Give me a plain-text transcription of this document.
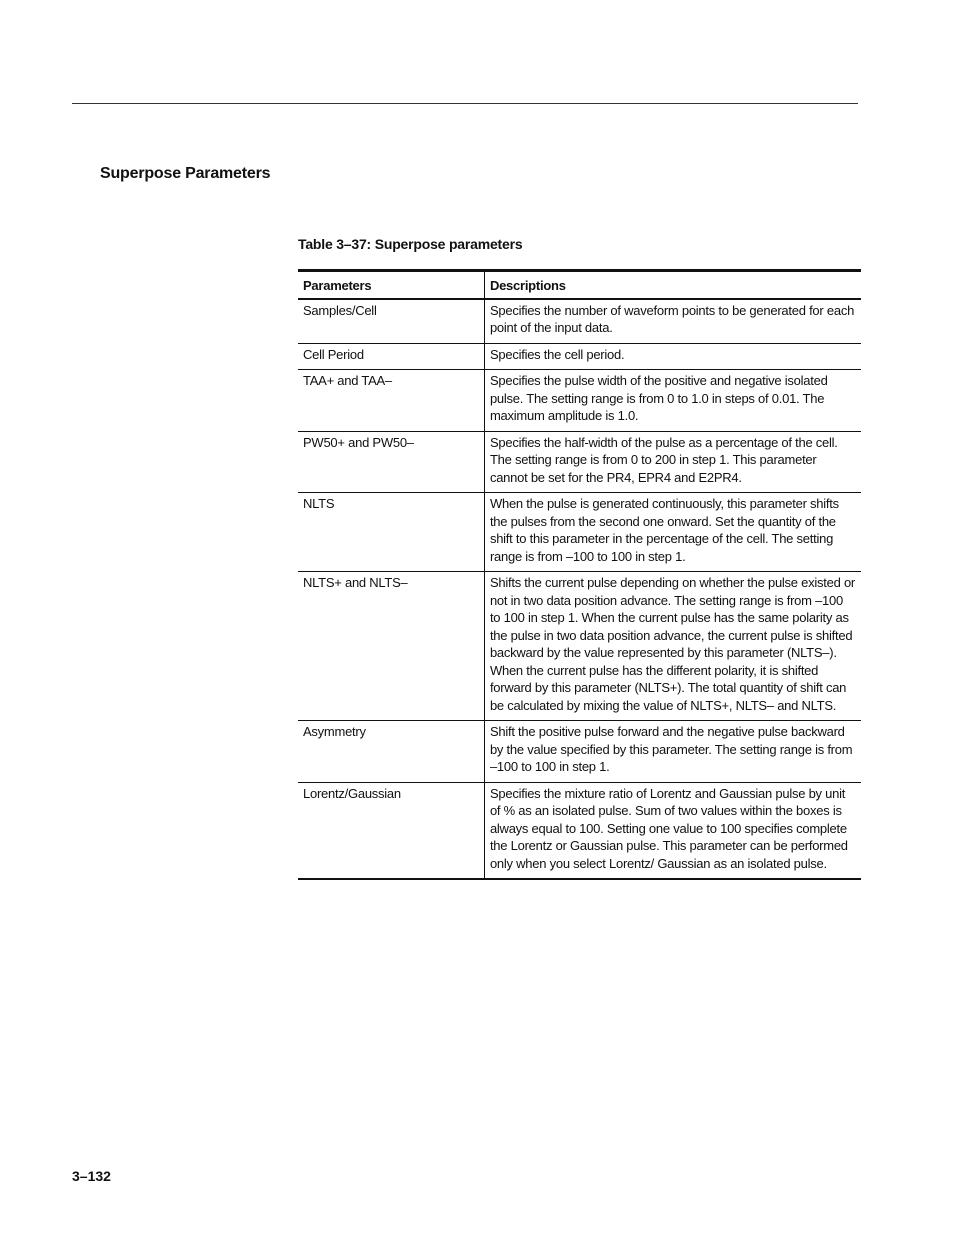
Superpose Parameters
Table 3–37: Superpose parameters
Parameters	Descriptions
Samples/Cell	Specifies the number of waveform points to be generated for each point of the input data.
Cell Period	Specifies the cell period.
TAA+ and TAA–	Specifies the pulse width of the positive and negative isolated pulse. The setting range is from 0 to 1.0 in steps of 0.01. The maximum amplitude is 1.0.
PW50+ and PW50–	Specifies the half-width of the pulse as a percentage of the cell. The setting range is from 0 to 200 in step 1. This parameter cannot be set for the PR4, EPR4 and E2PR4.
NLTS	When the pulse is generated continuously, this parameter shifts the pulses from the second one onward. Set the quantity of the shift to this parameter in the percentage of the cell. The setting range is from –100 to 100 in step 1.
NLTS+ and NLTS–	Shifts the current pulse depending on whether the pulse existed or not in two data position advance. The setting range is from –100 to 100 in step 1. When the current pulse has the same polarity as the pulse in two data position advance, the current pulse is shifted backward by the value represented by this parameter (NLTS–). When the current pulse has the different polarity, it is shifted forward by this parameter (NLTS+). The total quantity of shift can be calculated by mixing the value of NLTS+, NLTS– and NLTS.
Asymmetry	Shift the positive pulse forward and the negative pulse backward by the value specified by this parameter. The setting range is from –100 to 100 in step 1.
Lorentz/Gaussian	Specifies the mixture ratio of Lorentz and Gaussian pulse by unit of % as an isolated pulse. Sum of two values within the boxes is always equal to 100. Setting one value to 100 specifies complete the Lorentz or Gaussian pulse. This parameter can be performed only when you select Lorentz/ Gaussian as an isolated pulse.
3–132
